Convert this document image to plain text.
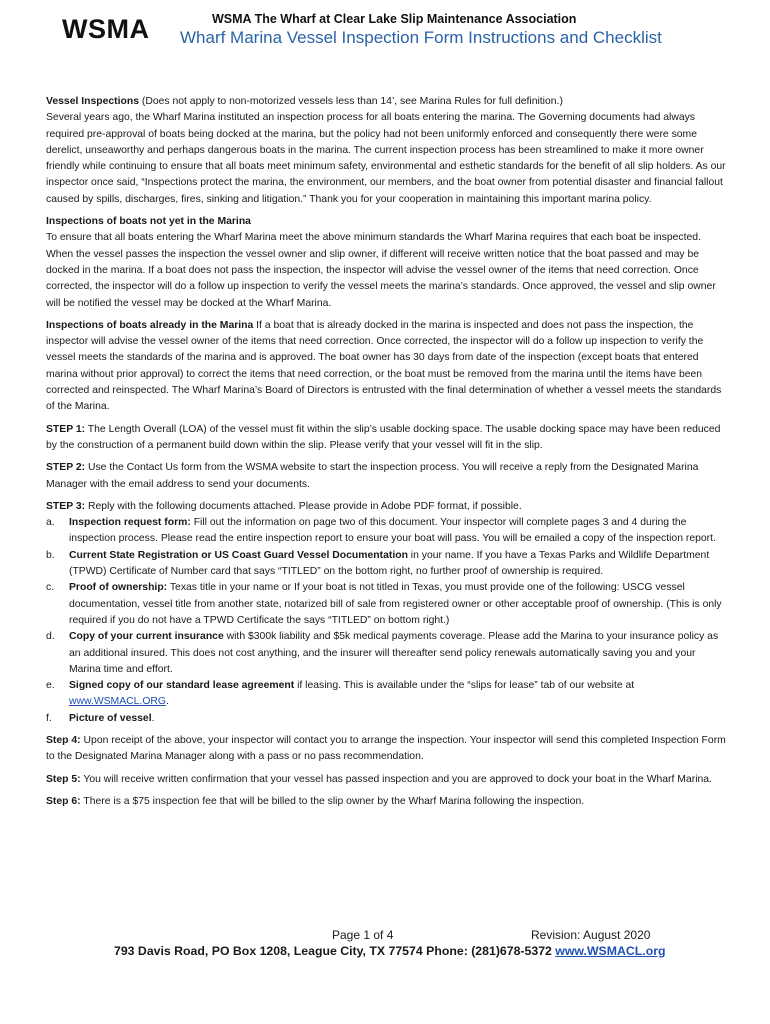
WSMA	WSMA The Wharf at Clear Lake Slip Maintenance Association
Wharf Marina Vessel Inspection Form Instructions and Checklist

Vessel Inspections (Does not apply to non-motorized vessels less than 14’, see Marina Rules for full definition.)
Several years ago, the Wharf Marina instituted an inspection process for all boats entering the marina. The Governing documents had always required pre-approval of boats being docked at the marina, but the policy had not been uniformly enforced and consequently there were some derelict, unseaworthy and perhaps dangerous boats in the marina. The current inspection process has been streamlined to make it more owner friendly while continuing to ensure that all boats meet minimum safety, environmental and esthetic standards for the benefit of all slip holders. As our inspector once said, “Inspections protect the marina, the environment, our members, and the boat owner from potential disaster and financial fallout caused by spills, discharges, fires, sinking and litigation.” Thank you for your cooperation in maintaining this important marina policy.

Inspections of boats not yet in the Marina
To ensure that all boats entering the Wharf Marina meet the above minimum standards the Wharf Marina requires that each boat be inspected. When the vessel passes the inspection the vessel owner and slip owner, if different will receive written notice that the boat passed and may be docked in the marina. If a boat does not pass the inspection, the inspector will advise the vessel owner of the items that need correction. Once corrected, the inspector will do a follow up inspection to verify the vessel meets the marina’s standards. Once approved, the vessel and slip owner will be notified the vessel may be docked at the Wharf Marina.

Inspections of boats already in the Marina If a boat that is already docked in the marina is inspected and does not pass the inspection, the inspector will advise the vessel owner of the items that need correction. Once corrected, the inspector will do a follow up inspection to verify the vessel meets the standards of the marina and is approved. The boat owner has 30 days from date of the inspection (except boats that entered marina without prior approval) to correct the items that need correction, or the boat must be removed from the marina until the items have been corrected and reinspected. The Wharf Marina’s Board of Directors is entrusted with the final determination of whether a vessel meets the standards of the Marina.

STEP 1: The Length Overall (LOA) of the vessel must fit within the slip’s usable docking space. The usable docking space may have been reduced by the construction of a permanent build down within the slip. Please verify that your vessel will fit in the slip.

STEP 2: Use the Contact Us form from the WSMA website to start the inspection process. You will receive a reply from the Designated Marina Manager with the email address to send your documents.

STEP 3: Reply with the following documents attached. Please provide in Adobe PDF format, if possible.

a. Inspection request form: Fill out the information on page two of this document. Your inspector will complete pages 3 and 4 during the inspection process. Please read the entire inspection report to ensure your boat will pass. You will be emailed a copy of the inspection report.
b. Current State Registration or US Coast Guard Vessel Documentation in your name. If you have a Texas Parks and Wildlife Department (TPWD) Certificate of Number card that says “TITLED” on the bottom right, no further proof of ownership is required.
c. Proof of ownership: Texas title in your name or If your boat is not titled in Texas, you must provide one of the following: USCG vessel documentation, vessel title from another state, notarized bill of sale from registered owner or other acceptable proof of ownership. (This is only required if you do not have a TPWD Certificate the says “TITLED” on bottom right.)
d. Copy of your current insurance with $300k liability and $5k medical payments coverage. Please add the Marina to your insurance policy as an additional insured. This does not cost anything, and the insurer will thereafter send policy renewals automatically saving you and your Marina time and effort.
e. Signed copy of our standard lease agreement if leasing. This is available under the “slips for lease” tab of our website at
www.WSMACL.ORG.
f. Picture of vessel.

Step 4: Upon receipt of the above, your inspector will contact you to arrange the inspection. Your inspector will send this completed Inspection Form to the Designated Marina Manager along with a pass or no pass recommendation.

Step 5: You will receive written confirmation that your vessel has passed inspection and you are approved to dock your boat in the Wharf Marina.

Step 6: There is a $75 inspection fee that will be billed to the slip owner by the Wharf Marina following the inspection.

Page 1 of 4	Revision: August 2020
793 Davis Road, PO Box 1208, League City, TX 77574 Phone: (281)678-5372 www.WSMACL.org
